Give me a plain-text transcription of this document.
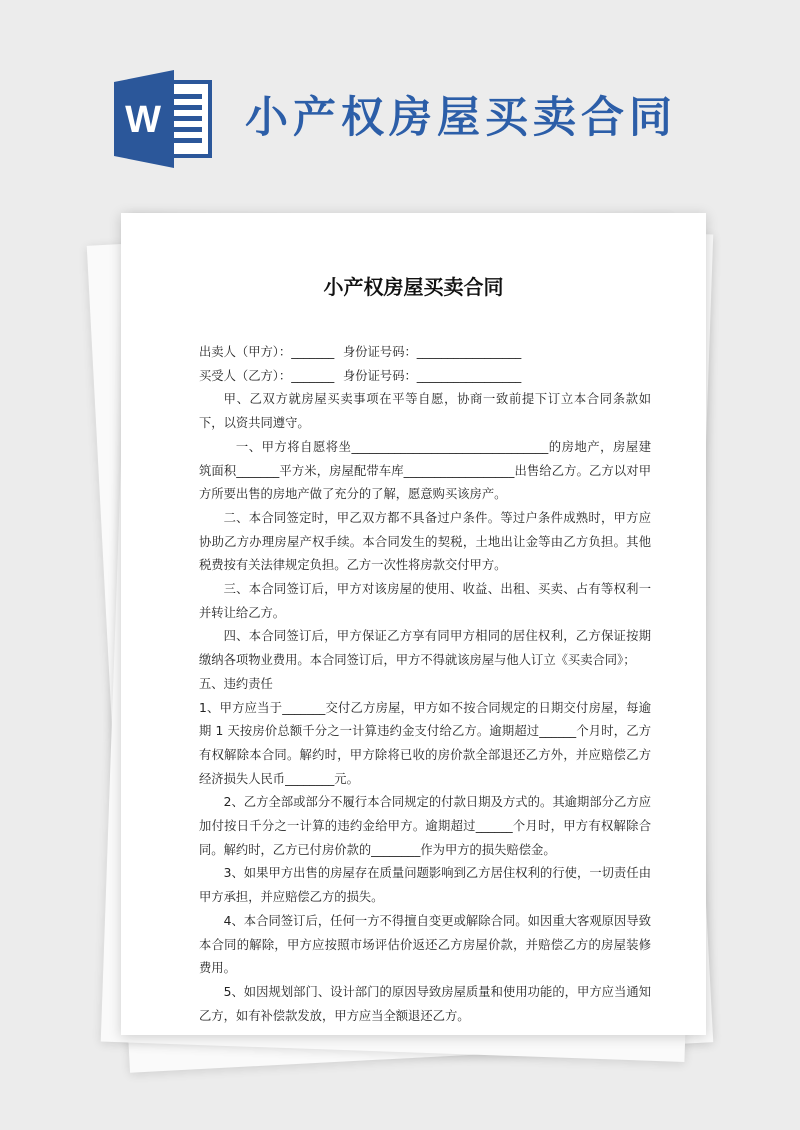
W 小产权房屋买卖合同
小产权房屋买卖合同
出卖人（甲方）：_______ 身份证号码：_________________
买受人（乙方）：_______ 身份证号码：_________________

甲、乙双方就房屋买卖事项在平等自愿，协商一致前提下订立本合同条款如下，以资共同遵守。

一、甲方将自愿将坐________________________________的房地产，房屋建筑面积_______平方米，房屋配带车库__________________出售给乙方。乙方以对甲方所要出售的房地产做了充分的了解，愿意购买该房产。

二、本合同签定时，甲乙双方都不具备过户条件。等过户条件成熟时，甲方应协助乙方办理房屋产权手续。本合同发生的契税，土地出让金等由乙方负担。其他税费按有关法律规定负担。乙方一次性将房款交付甲方。

三、本合同签订后，甲方对该房屋的使用、收益、出租、买卖、占有等权利一并转让给乙方。

四、本合同签订后，甲方保证乙方享有同甲方相同的居住权利，乙方保证按期缴纳各项物业费用。本合同签订后，甲方不得就该房屋与他人订立《买卖合同》；

五、违约责任

1、甲方应当于_______交付乙方房屋，甲方如不按合同规定的日期交付房屋，每逾期 1 天按房价总额千分之一计算违约金支付给乙方。逾期超过______个月时，乙方有权解除本合同。解约时，甲方除将已收的房价款全部退还乙方外，并应赔偿乙方经济损失人民币________元。

2、乙方全部或部分不履行本合同规定的付款日期及方式的。其逾期部分乙方应加付按日千分之一计算的违约金给甲方。逾期超过______个月时，甲方有权解除合同。解约时，乙方已付房价款的________作为甲方的损失赔偿金。

3、如果甲方出售的房屋存在质量问题影响到乙方居住权利的行使，一切责任由甲方承担，并应赔偿乙方的损失。

4、本合同签订后，任何一方不得擅自变更或解除合同。如因重大客观原因导致本合同的解除，甲方应按照市场评估价返还乙方房屋价款，并赔偿乙方的房屋装修费用。

5、如因规划部门、设计部门的原因导致房屋质量和使用功能的，甲方应当通知乙方，如有补偿款发放，甲方应当全额退还乙方。
